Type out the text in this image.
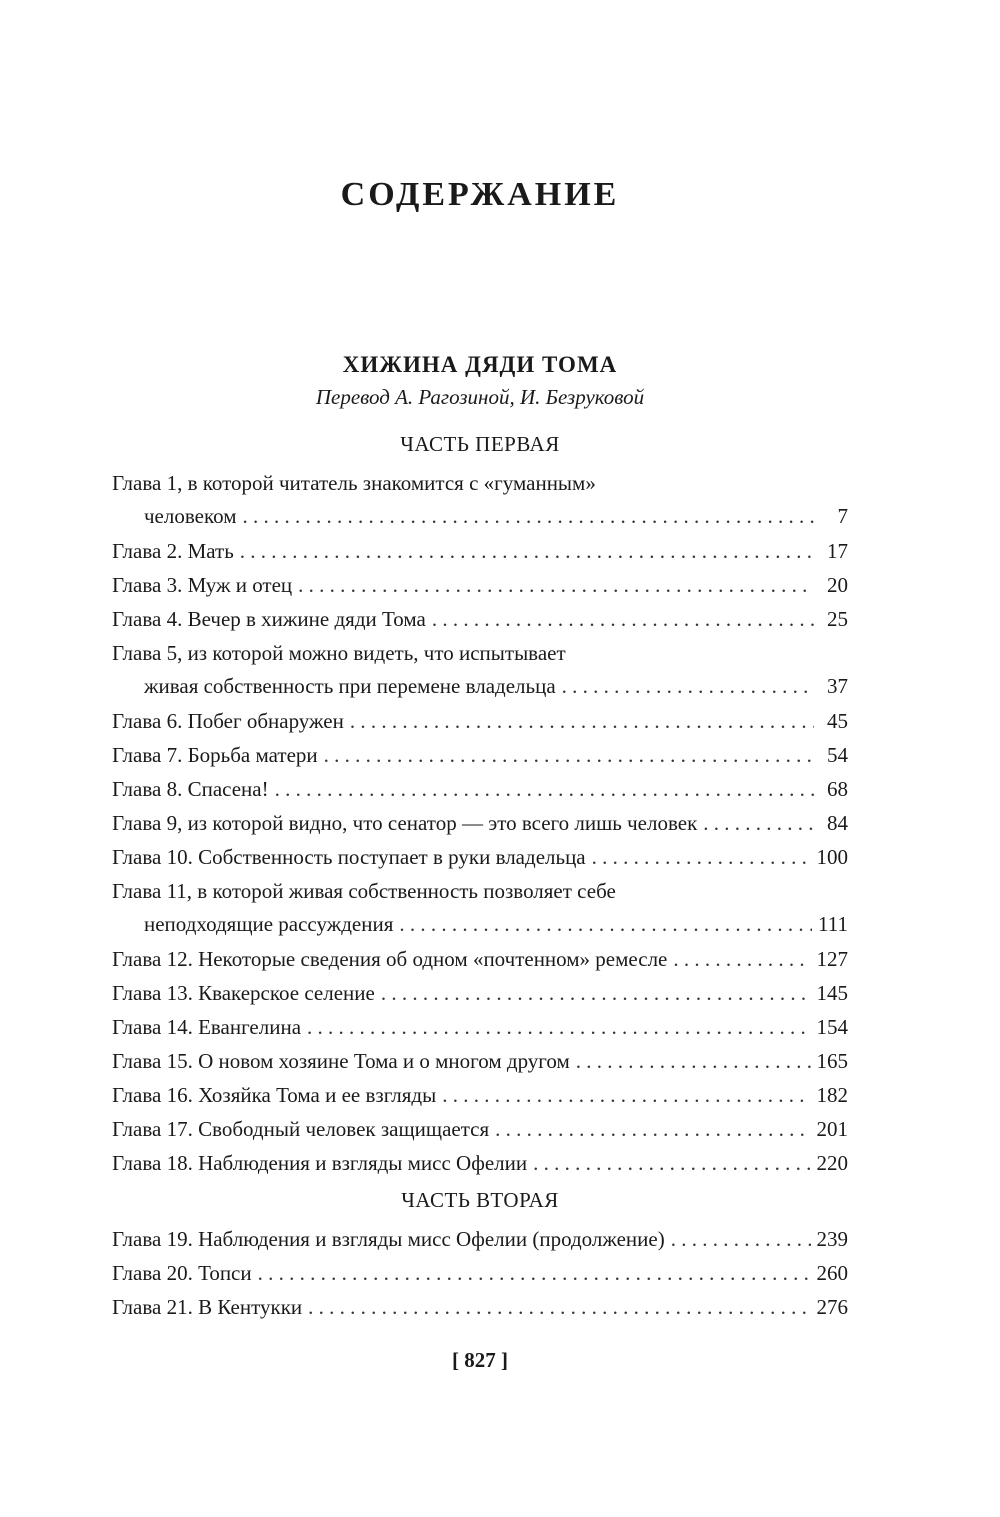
СОДЕРЖАНИЕ
ХИЖИНА ДЯДИ ТОМА
Перевод А. Рагозиной, И. Безруковой
ЧАСТЬ ПЕРВАЯ
Глава 1, в которой читатель знакомится с «гуманным»
человеком . . .	7
Глава 2. Мать . . .	17
Глава 3. Муж и отец . . .	20
Глава 4. Вечер в хижине дяди Тома . . .	25
Глава 5, из которой можно видеть, что испытывает
живая собственность при перемене владельца . . .	37
Глава 6. Побег обнаружен . . .	45
Глава 7. Борьба матери . . .	54
Глава 8. Спасена! . . .	68
Глава 9, из которой видно, что сенатор — это всего лишь человек . . .	84
Глава 10. Собственность поступает в руки владельца . . .	100
Глава 11, в которой живая собственность позволяет себе
неподходящие рассуждения . . .	111
Глава 12. Некоторые сведения об одном «почтенном» ремесле . . .	127
Глава 13. Квакерское селение . . .	145
Глава 14. Евангелина . . .	154
Глава 15. О новом хозяине Тома и о многом другом . . .	165
Глава 16. Хозяйка Тома и ее взгляды . . .	182
Глава 17. Свободный человек защищается . . .	201
Глава 18. Наблюдения и взгляды мисс Офелии . . .	220
ЧАСТЬ ВТОРАЯ
Глава 19. Наблюдения и взгляды мисс Офелии (продолжение) . . .	239
Глава 20. Топси . . .	260
Глава 21. В Кентукки . . .	276
[ 827 ]
